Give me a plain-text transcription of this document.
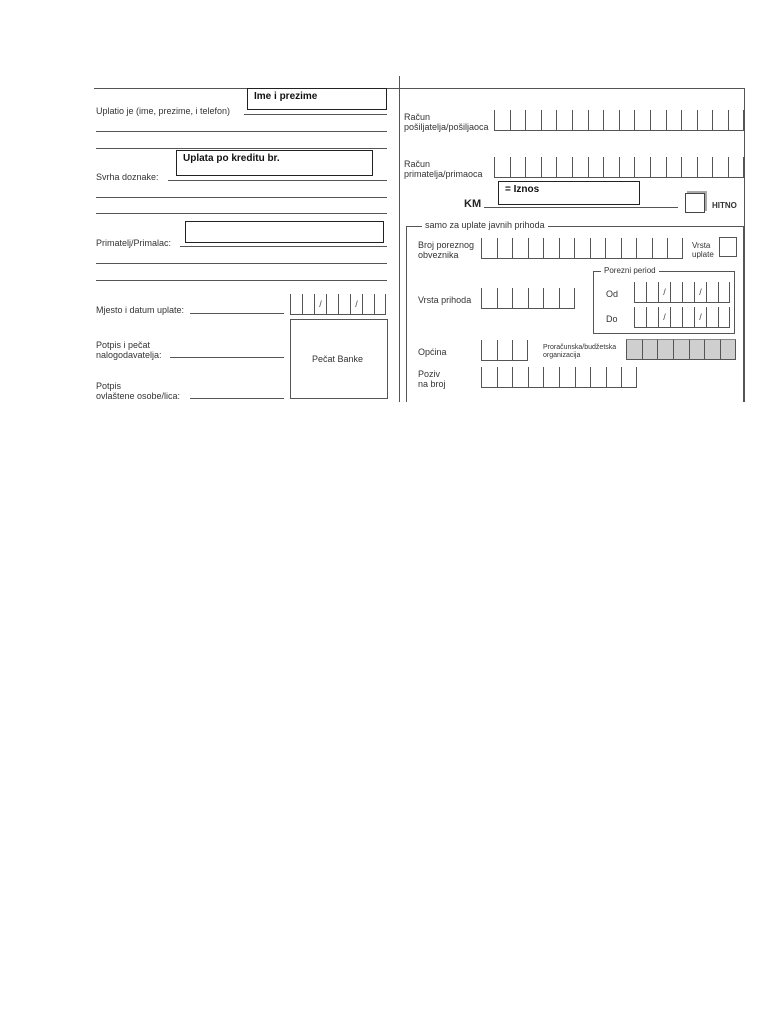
Uplatio je (ime, prezime, i telefon)
Ime i prezime
Svrha doznake:
Uplata po kreditu br.
Primatelj/Primalac:
Mjesto i datum uplate:
/
/
Potpis i pečat
nalogodavatelja:
Potpis
ovlaštene osobe/lica:
Pečat Banke
Račun
pošiljatelja/pošiljaoca
Račun
primatelja/primaoca
KM
= Iznos
HITNO
samo za uplate javnih prihoda
Broj poreznog
obveznika
Vrsta
uplate
Porezni period
Od
/
/
Do
/
/
Vrsta prihoda
Općina	Proračunska/budžetska
organizacija
Poziv
na broj
